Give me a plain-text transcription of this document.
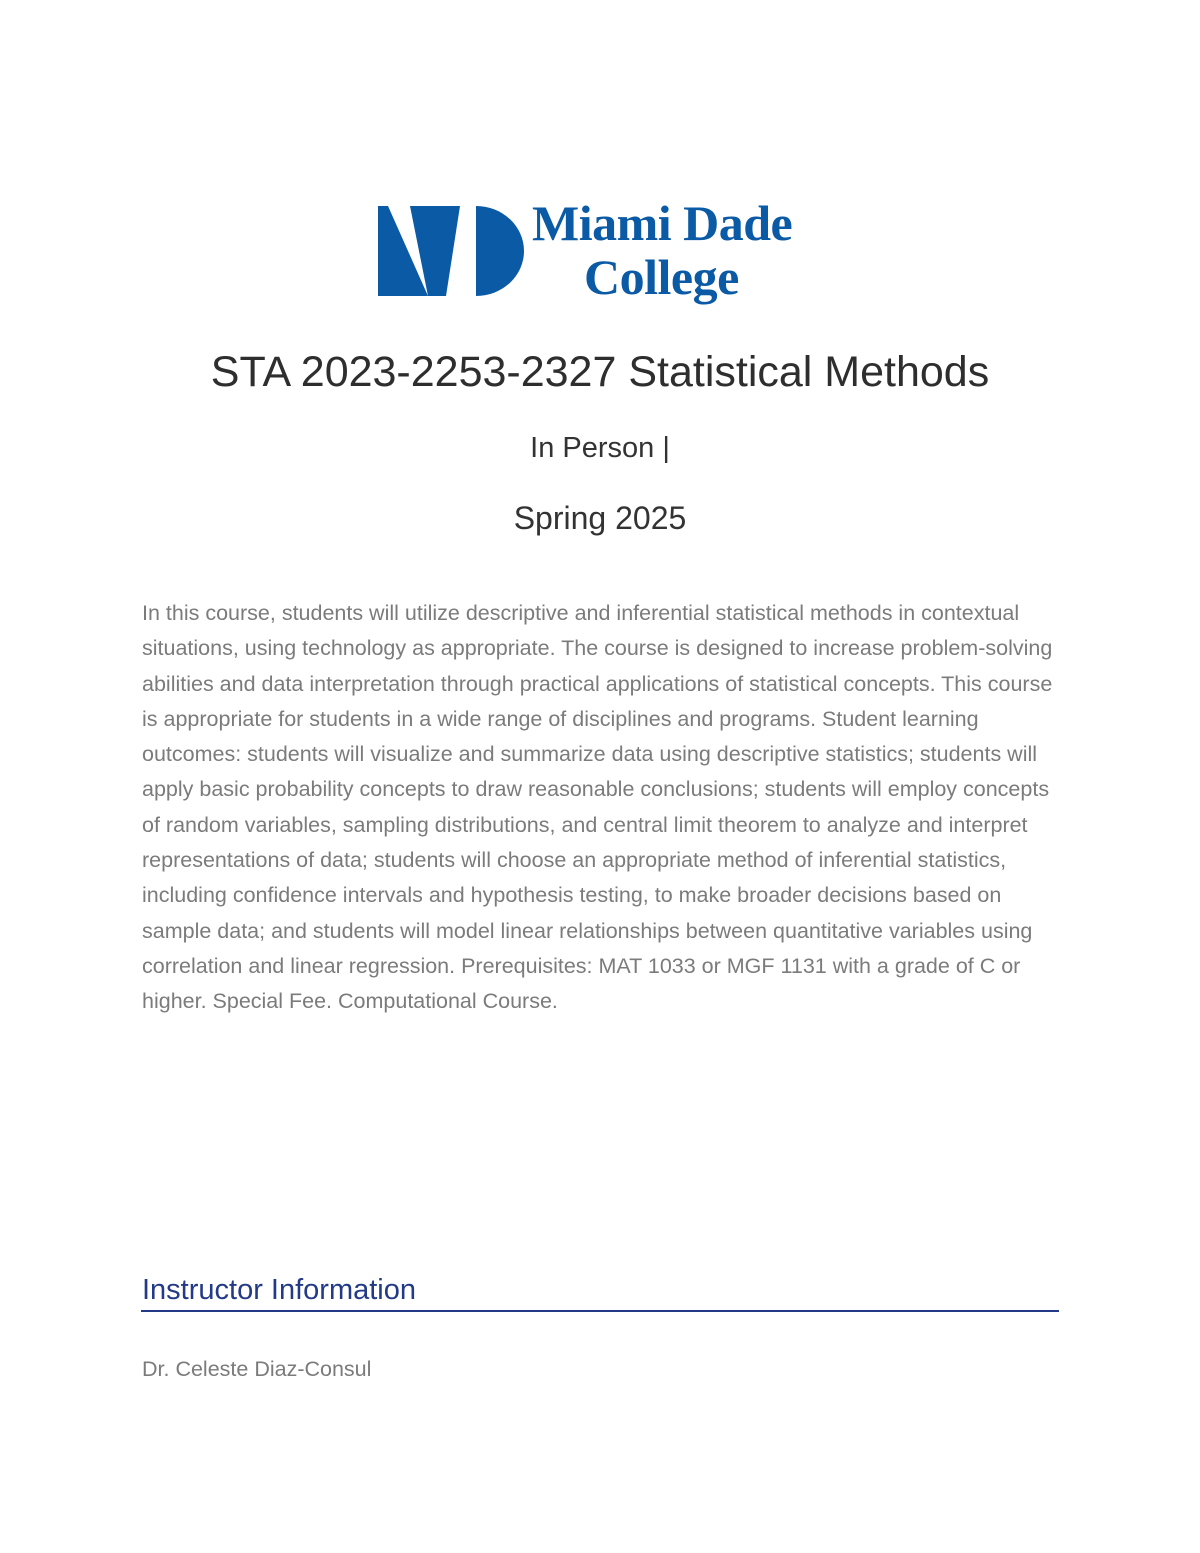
Miami Dade
College
STA 2023-2253-2327 Statistical Methods
In Person |
Spring 2025

In this course, students will utilize descriptive and inferential statistical methods in contextual situations, using technology as appropriate. The course is designed to increase problem-solving abilities and data interpretation through practical applications of statistical concepts. This course is appropriate for students in a wide range of disciplines and programs. Student learning outcomes: students will visualize and summarize data using descriptive statistics; students will apply basic probability concepts to draw reasonable conclusions; students will employ concepts of random variables, sampling distributions, and central limit theorem to analyze and interpret representations of data; students will choose an appropriate method of inferential statistics, including confidence intervals and hypothesis testing, to make broader decisions based on sample data; and students will model linear relationships between quantitative variables using correlation and linear regression. Prerequisites: MAT 1033 or MGF 1131 with a grade of C or higher. Special Fee. Computational Course.

Instructor Information
Dr. Celeste Diaz-Consul
